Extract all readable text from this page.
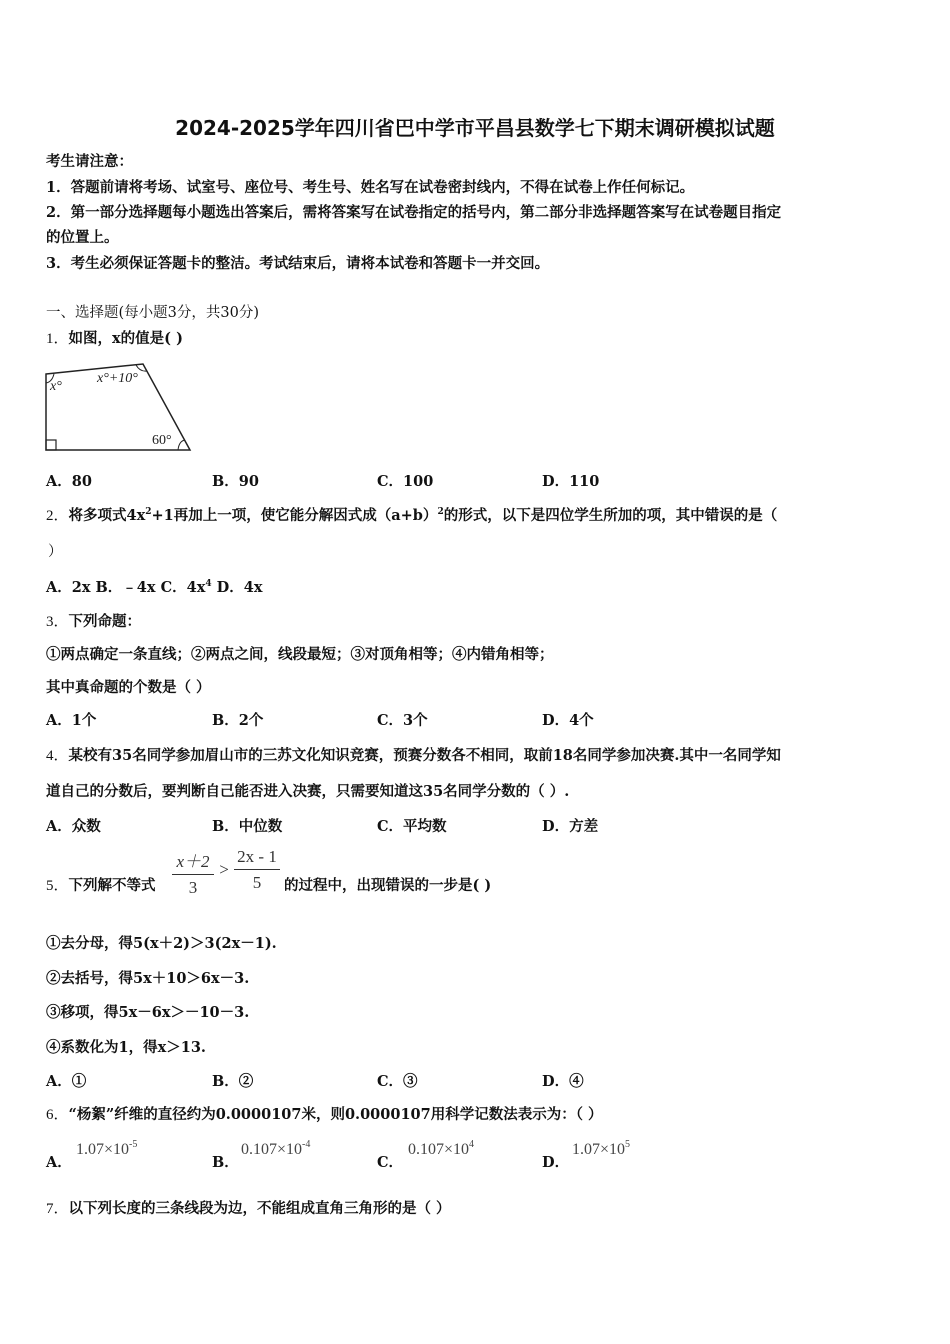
2024-2025学年四川省巴中学市平昌县数学七下期末调研模拟试题
考生请注意：
1．答题前请将考场、试室号、座位号、考生号、姓名写在试卷密封线内，不得在试卷上作任何标记。
2．第一部分选择题每小题选出答案后，需将答案写在试卷指定的括号内，第二部分非选择题答案写在试卷题目指定
的位置上。
3．考生必须保证答题卡的整洁。考试结束后，请将本试卷和答题卡一并交回。
一、选择题(每小题3分，共30分)
1．如图，x的值是( )
x°
x°+10°
60°
A．80	B．90	C．100	D．110
2．将多项式$4x^2+1$再加上一项，使它能分解因式成$(a+b)^2$的形式，以下是四位学生所加的项，其中错误的是（
）
A．2x B．﹣4x C．$4x^4$ D．4x
3．下列命题：
①两点确定一条直线；②两点之间，线段最短；③对顶角相等；④内错角相等；
其中真命题的个数是（ ）
A．1个	B．2个	C．3个	D．4个
4．某校有35名同学参加眉山市的三苏文化知识竞赛，预赛分数各不相同，取前18名同学参加决赛.其中一名同学知
道自己的分数后，要判断自己能否进入决赛，只需要知道这35名同学分数的（ ）.
A．众数	B．中位数	C．平均数	D．方差
5．下列解不等式
x＋2
3
>
2x - 1
5	的过程中，出现错误的一步是( )
①去分母，得5(x＋2)＞3(2x－1).
②去括号，得5x＋10＞6x－3.
③移项，得5x－6x＞－10－3.
④系数化为1，得x＞13.
A．①	B．②	C．③	D．④
6．“杨絮”纤维的直径约为0.0000107米，则0.0000107用科学记数法表示为：（ ）
A．
$1.07\times 10^{-5}$
B．
$0.107\times 10^{-4}$
C．
$0.107\times 10^4$
D．
$1.07\times 10^5$
7．以下列长度的三条线段为边，不能组成直角三角形的是（ ）
